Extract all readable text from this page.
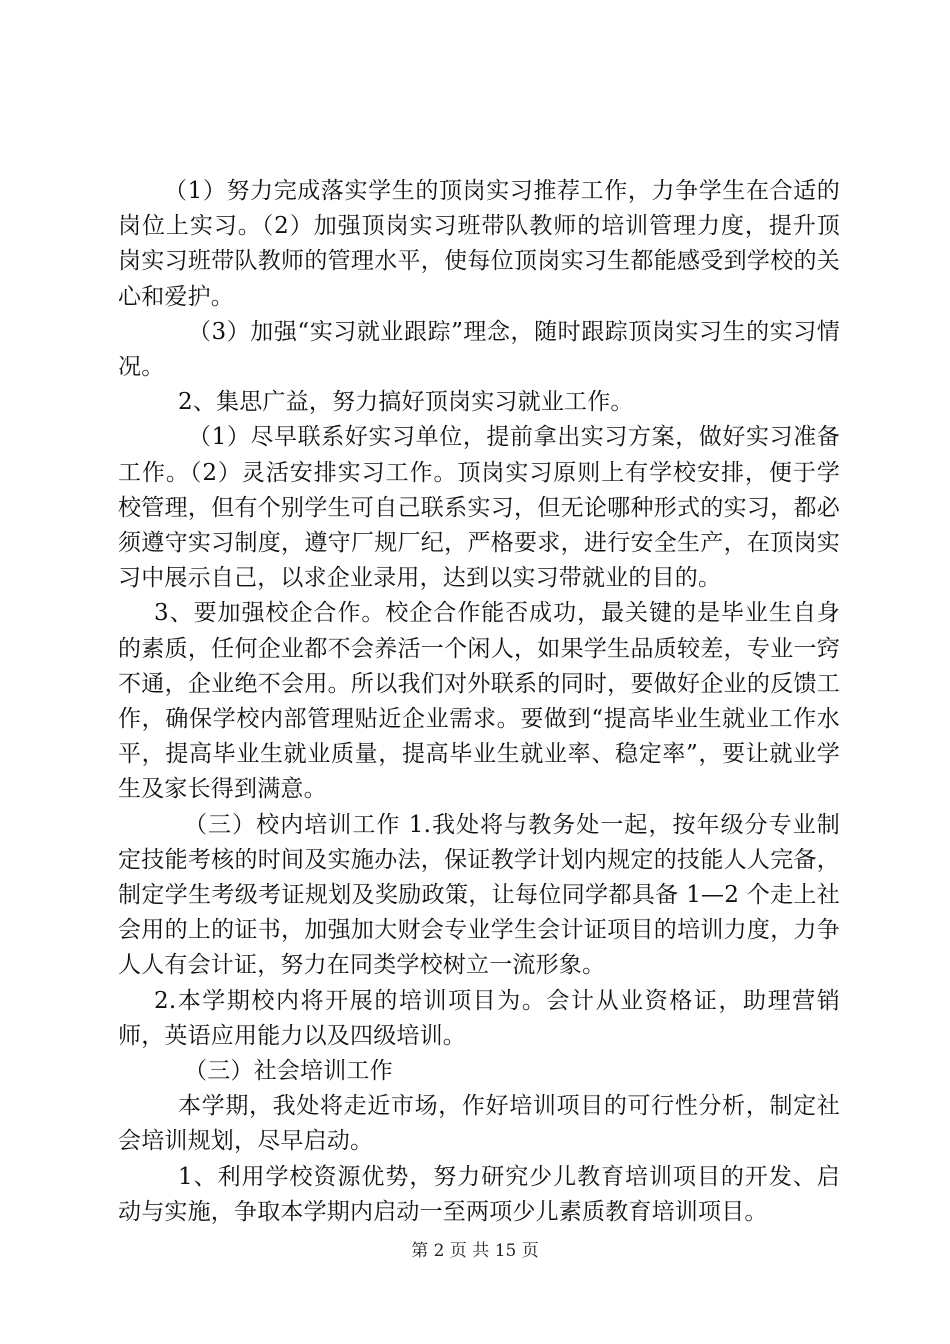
（1）努力完成落实学生的顶岗实习推荐工作，力争学生在合适的岗位上实习。（2）加强顶岗实习班带队教师的培训管理力度，提升顶岗实习班带队教师的管理水平，使每位顶岗实习生都能感受到学校的关心和爱护。

（3）加强“实习就业跟踪”理念，随时跟踪顶岗实习生的实习情况。

2、集思广益，努力搞好顶岗实习就业工作。

（1）尽早联系好实习单位，提前拿出实习方案，做好实习准备工作。（2）灵活安排实习工作。顶岗实习原则上有学校安排，便于学校管理，但有个别学生可自己联系实习，但无论哪种形式的实习，都必须遵守实习制度，遵守厂规厂纪，严格要求，进行安全生产，在顶岗实习中展示自己，以求企业录用，达到以实习带就业的目的。

3、要加强校企合作。校企合作能否成功，最关键的是毕业生自身的素质，任何企业都不会养活一个闲人，如果学生品质较差，专业一窍不通，企业绝不会用。所以我们对外联系的同时，要做好企业的反馈工作，确保学校内部管理贴近企业需求。要做到“提高毕业生就业工作水平，提高毕业生就业质量，提高毕业生就业率、稳定率”，要让就业学生及家长得到满意。

（三）校内培训工作 1.我处将与教务处一起，按年级分专业制定技能考核的时间及实施办法，保证教学计划内规定的技能人人完备，制定学生考级考证规划及奖励政策，让每位同学都具备 1—2 个走上社会用的上的证书，加强加大财会专业学生会计证项目的培训力度，力争人人有会计证，努力在同类学校树立一流形象。

2.本学期校内将开展的培训项目为。会计从业资格证，助理营销师，英语应用能力以及四级培训。

（三）社会培训工作

本学期，我处将走近市场，作好培训项目的可行性分析，制定社会培训规划，尽早启动。

1、利用学校资源优势，努力研究少儿教育培训项目的开发、启动与实施，争取本学期内启动一至两项少儿素质教育培训项目。

第 2 页 共 15 页
